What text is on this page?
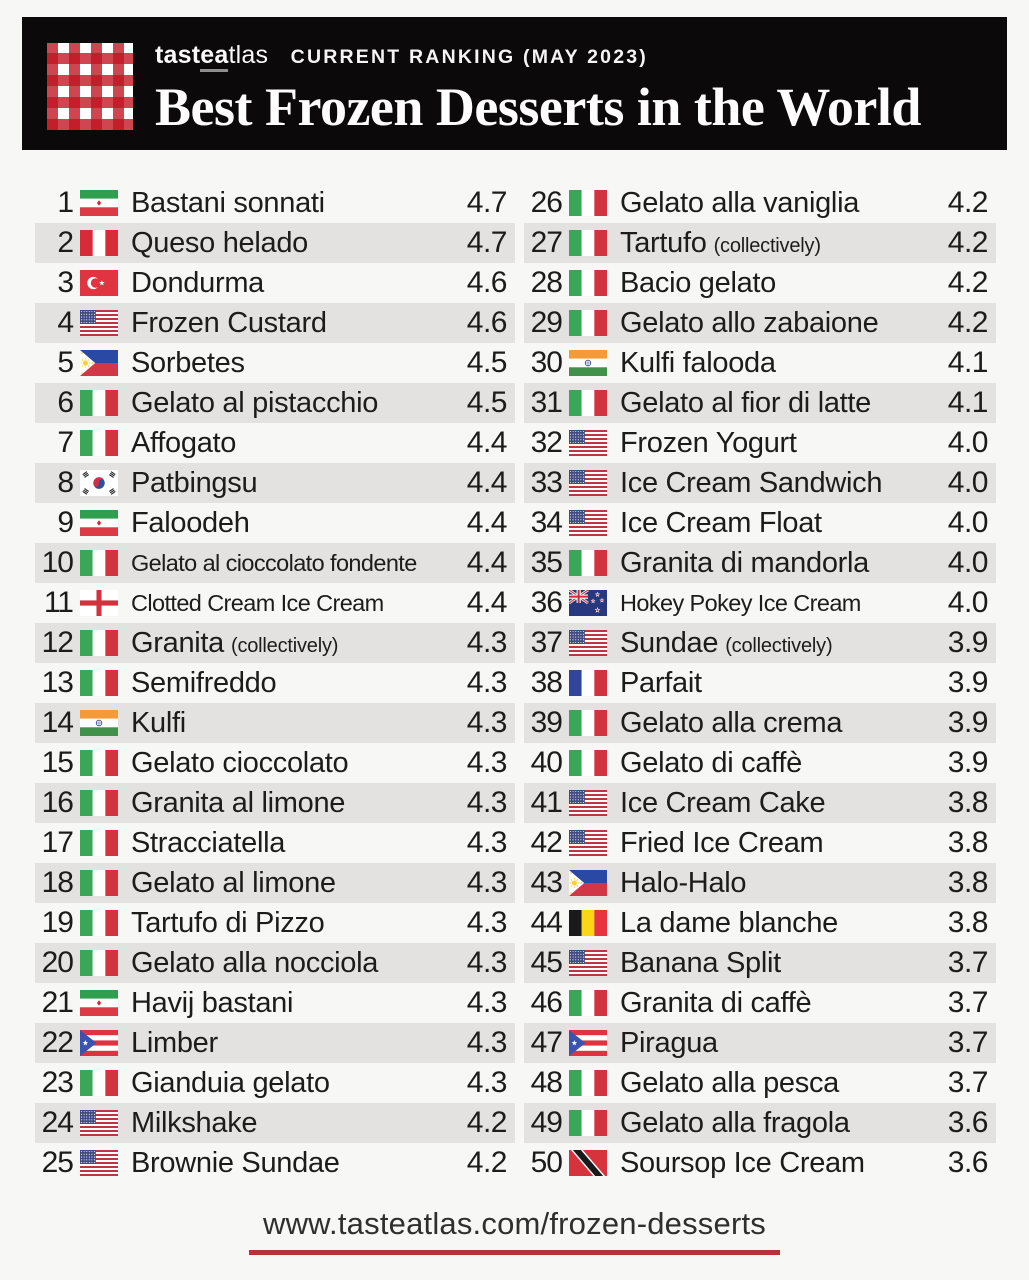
tasteatlas CURRENT RANKING (MAY 2023)
Best Frozen Desserts in the World
1 Bastani sonnati	4.7
2 Queso helado	4.7
3 Dondurma	4.6
4 Frozen Custard	4.6
5 Sorbetes	4.5
6 Gelato al pistacchio	4.5
7 Affogato	4.4
8 Patbingsu	4.4
9 Faloodeh	4.4
10 Gelato al cioccolato fondente	4.4
11 Clotted Cream Ice Cream	4.4
12 Granita (collectively)	4.3
13 Semifreddo	4.3
14 Kulfi	4.3
15 Gelato cioccolato	4.3
16 Granita al limone	4.3
17 Stracciatella	4.3
18 Gelato al limone	4.3
19 Tartufo di Pizzo	4.3
20 Gelato alla nocciola	4.3
21 Havij bastani	4.3
22 Limber	4.3
23 Gianduia gelato	4.3
24 Milkshake	4.2
25 Brownie Sundae	4.2
26 Gelato alla vaniglia	4.2
27 Tartufo (collectively)	4.2
28 Bacio gelato	4.2
29 Gelato allo zabaione	4.2
30 Kulfi falooda	4.1
31 Gelato al fior di latte	4.1
32 Frozen Yogurt	4.0
33 Ice Cream Sandwich	4.0
34 Ice Cream Float	4.0
35 Granita di mandorla	4.0
36 Hokey Pokey Ice Cream	4.0
37 Sundae (collectively)	3.9
38 Parfait	3.9
39 Gelato alla crema	3.9
40 Gelato di caffè	3.9
41 Ice Cream Cake	3.8
42 Fried Ice Cream	3.8
43 Halo-Halo	3.8
44 La dame blanche	3.8
45 Banana Split	3.7
46 Granita di caffè	3.7
47 Piragua	3.7
48 Gelato alla pesca	3.7
49 Gelato alla fragola	3.6
50 Soursop Ice Cream	3.6
www.tasteatlas.com/frozen-desserts
